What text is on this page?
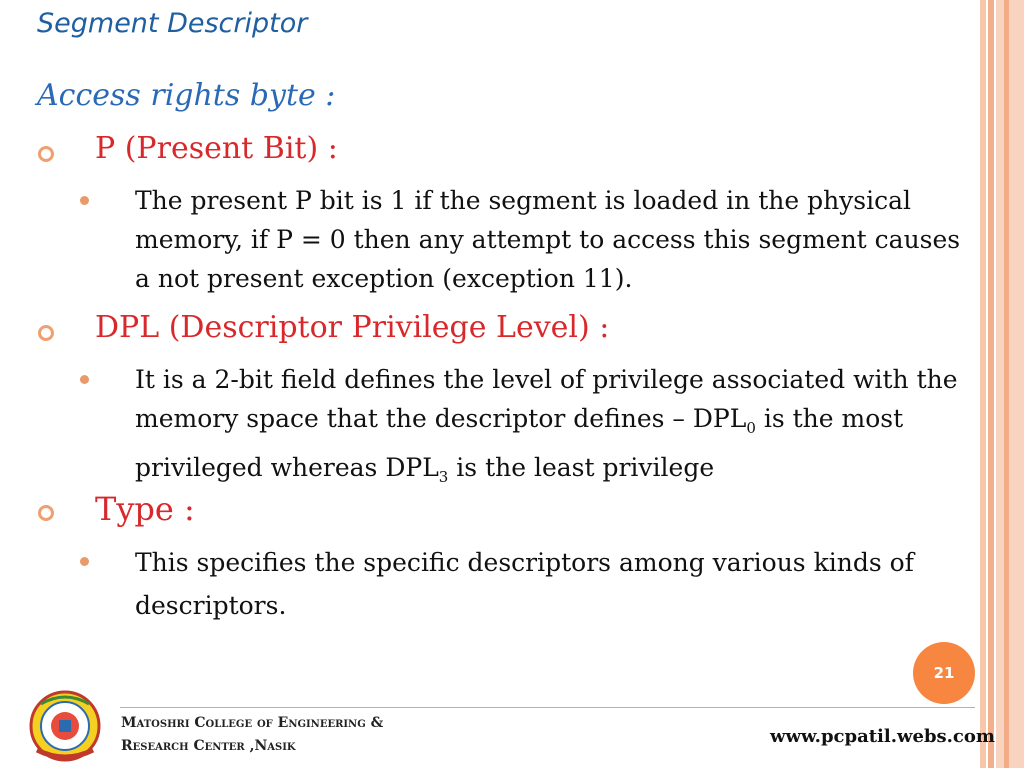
Segment Descriptor
Access rights byte :
P (Present Bit) :
The present P bit is 1 if the segment is loaded in the physical memory, if P = 0 then any attempt to access this segment causes a not present exception (exception 11).
DPL (Descriptor Privilege Level) :
It is a 2-bit field defines the level of privilege associated with the memory space that the descriptor defines – $DPL_0$ is the most privileged whereas $DPL_3$ is the least privilege
Type :
This specifies the specific descriptors among various kinds of descriptors.
21
Matoshri College of Engineering &
Research Center ,Nasik	www.pcpatil.webs.com
